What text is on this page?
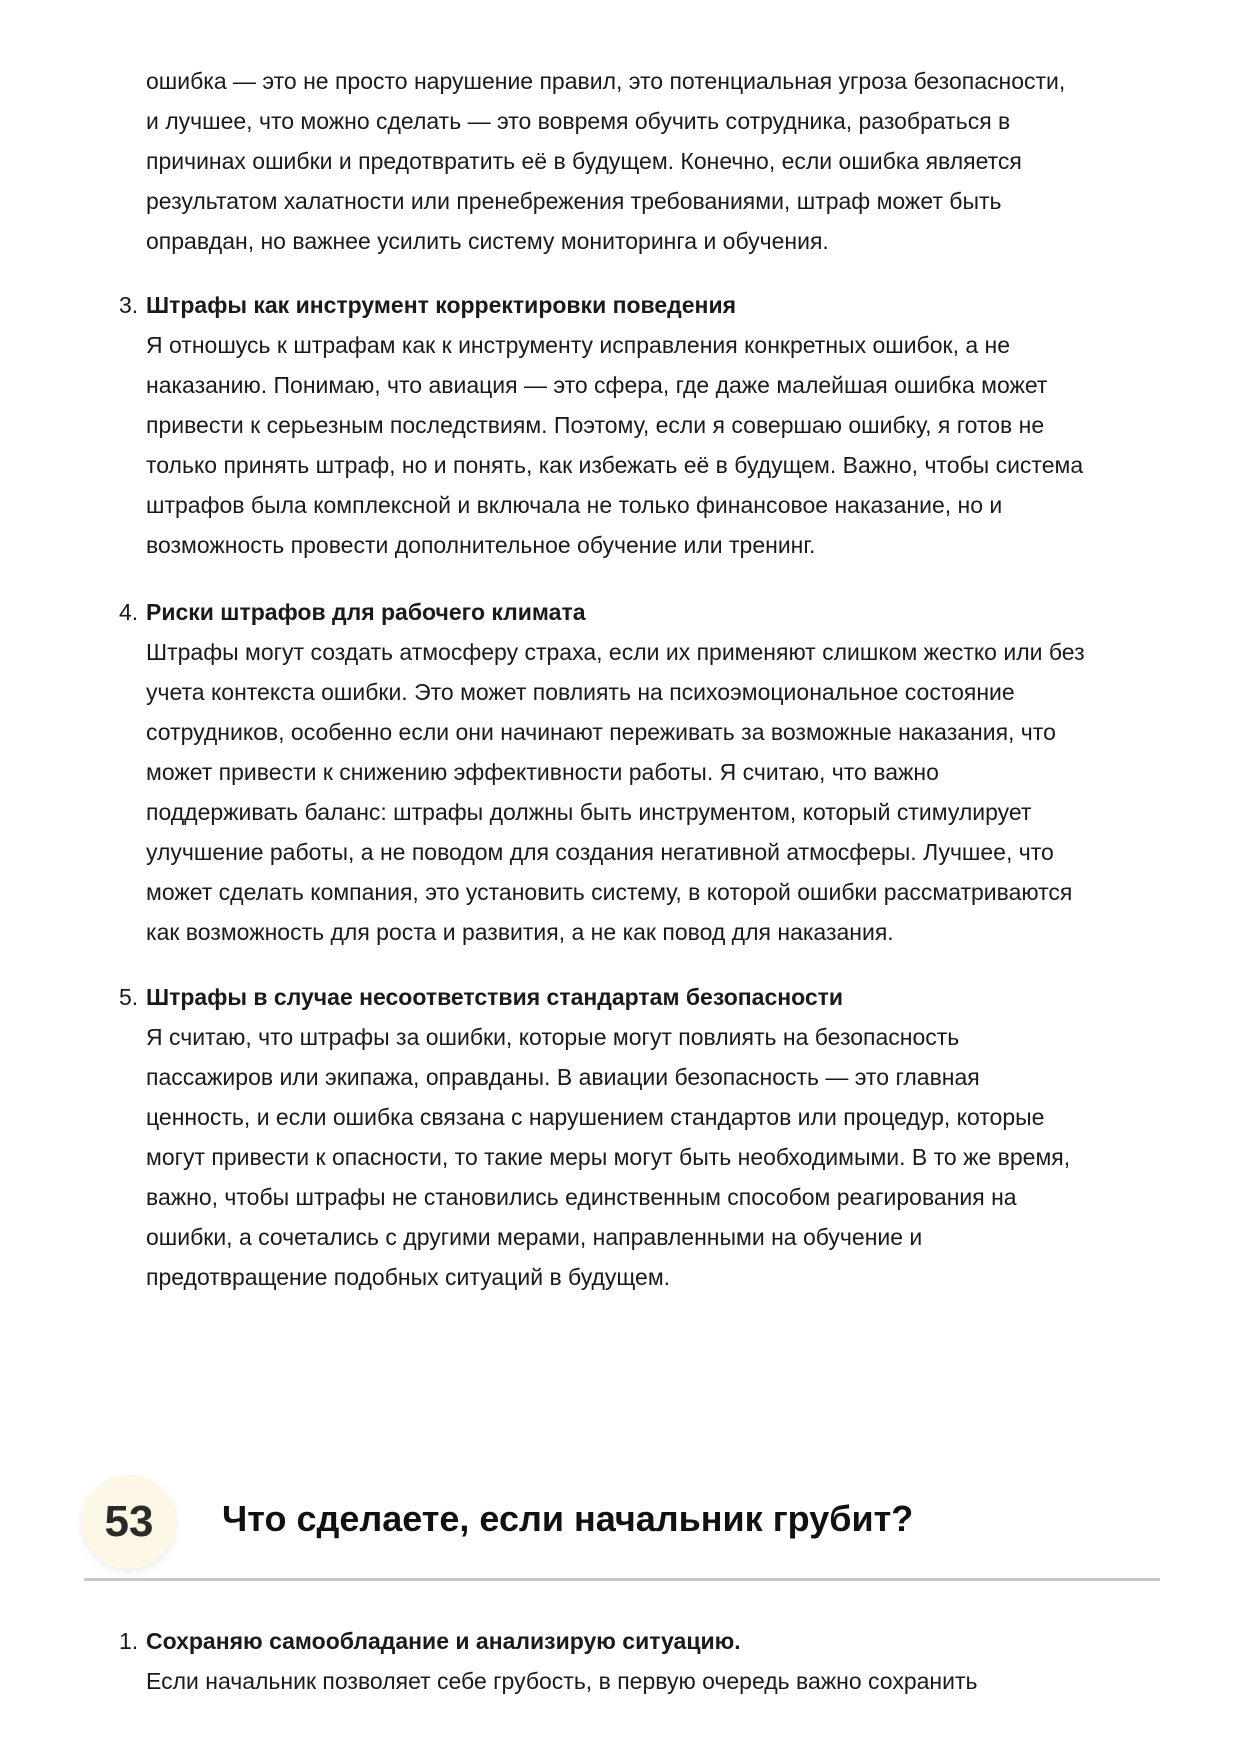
ошибка — это не просто нарушение правил, это потенциальная угроза безопасности,
и лучшее, что можно сделать — это вовремя обучить сотрудника, разобраться в
причинах ошибки и предотвратить её в будущем. Конечно, если ошибка является
результатом халатности или пренебрежения требованиями, штраф может быть
оправдан, но важнее усилить систему мониторинга и обучения.
3. Штрафы как инструмент корректировки поведения
Я отношусь к штрафам как к инструменту исправления конкретных ошибок, а не
наказанию. Понимаю, что авиация — это сфера, где даже малейшая ошибка может
привести к серьезным последствиям. Поэтому, если я совершаю ошибку, я готов не
только принять штраф, но и понять, как избежать её в будущем. Важно, чтобы система
штрафов была комплексной и включала не только финансовое наказание, но и
возможность провести дополнительное обучение или тренинг.
4. Риски штрафов для рабочего климата
Штрафы могут создать атмосферу страха, если их применяют слишком жестко или без
учета контекста ошибки. Это может повлиять на психоэмоциональное состояние
сотрудников, особенно если они начинают переживать за возможные наказания, что
может привести к снижению эффективности работы. Я считаю, что важно
поддерживать баланс: штрафы должны быть инструментом, который стимулирует
улучшение работы, а не поводом для создания негативной атмосферы. Лучшее, что
может сделать компания, это установить систему, в которой ошибки рассматриваются
как возможность для роста и развития, а не как повод для наказания.
5. Штрафы в случае несоответствия стандартам безопасности
Я считаю, что штрафы за ошибки, которые могут повлиять на безопасность
пассажиров или экипажа, оправданы. В авиации безопасность — это главная
ценность, и если ошибка связана с нарушением стандартов или процедур, которые
могут привести к опасности, то такие меры могут быть необходимыми. В то же время,
важно, чтобы штрафы не становились единственным способом реагирования на
ошибки, а сочетались с другими мерами, направленными на обучение и
предотвращение подобных ситуаций в будущем.
53	Что сделаете, если начальник грубит?
1. Сохраняю самообладание и анализирую ситуацию.
Если начальник позволяет себе грубость, в первую очередь важно сохранить
